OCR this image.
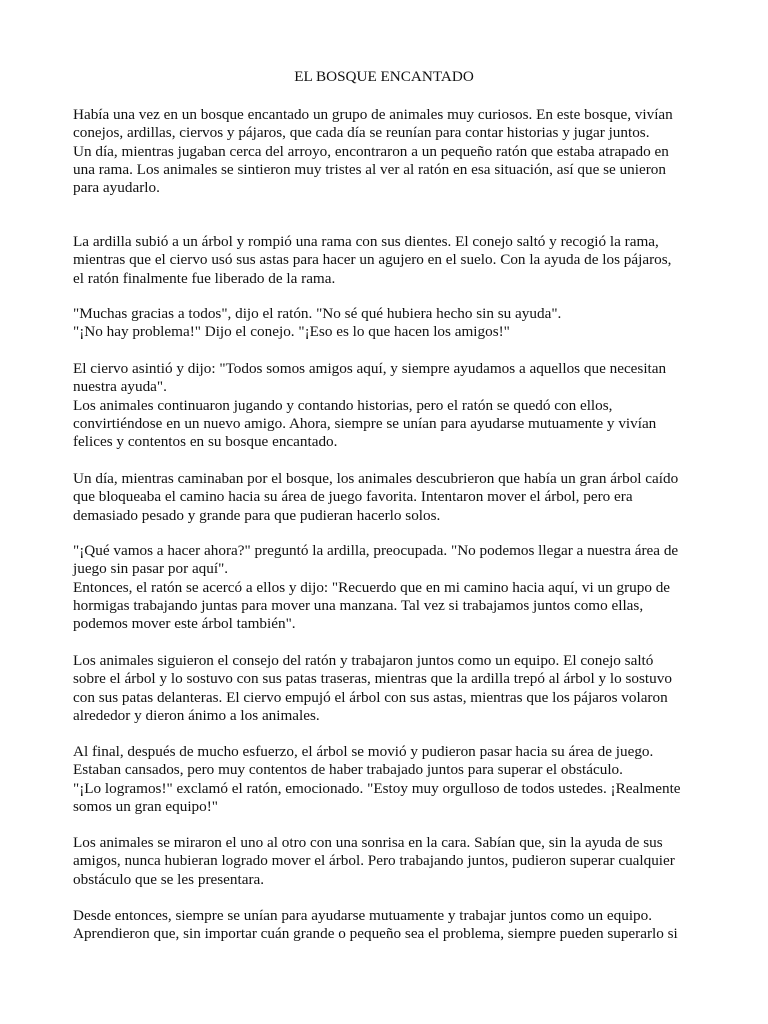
EL BOSQUE ENCANTADO
Había una vez en un bosque encantado un grupo de animales muy curiosos. En este bosque, vivían
conejos, ardillas, ciervos y pájaros, que cada día se reunían para contar historias y jugar juntos.
Un día, mientras jugaban cerca del arroyo, encontraron a un pequeño ratón que estaba atrapado en
una rama. Los animales se sintieron muy tristes al ver al ratón en esa situación, así que se unieron
para ayudarlo.
La ardilla subió a un árbol y rompió una rama con sus dientes. El conejo saltó y recogió la rama,
mientras que el ciervo usó sus astas para hacer un agujero en el suelo. Con la ayuda de los pájaros,
el ratón finalmente fue liberado de la rama.
"Muchas gracias a todos", dijo el ratón. "No sé qué hubiera hecho sin su ayuda".
"¡No hay problema!" Dijo el conejo. "¡Eso es lo que hacen los amigos!"
El ciervo asintió y dijo: "Todos somos amigos aquí, y siempre ayudamos a aquellos que necesitan
nuestra ayuda".
Los animales continuaron jugando y contando historias, pero el ratón se quedó con ellos,
convirtiéndose en un nuevo amigo. Ahora, siempre se unían para ayudarse mutuamente y vivían
felices y contentos en su bosque encantado.
Un día, mientras caminaban por el bosque, los animales descubrieron que había un gran árbol caído
que bloqueaba el camino hacia su área de juego favorita. Intentaron mover el árbol, pero era
demasiado pesado y grande para que pudieran hacerlo solos.
"¡Qué vamos a hacer ahora?" preguntó la ardilla, preocupada. "No podemos llegar a nuestra área de
juego sin pasar por aquí".
Entonces, el ratón se acercó a ellos y dijo: "Recuerdo que en mi camino hacia aquí, vi un grupo de
hormigas trabajando juntas para mover una manzana. Tal vez si trabajamos juntos como ellas,
podemos mover este árbol también".
Los animales siguieron el consejo del ratón y trabajaron juntos como un equipo. El conejo saltó
sobre el árbol y lo sostuvo con sus patas traseras, mientras que la ardilla trepó al árbol y lo sostuvo
con sus patas delanteras. El ciervo empujó el árbol con sus astas, mientras que los pájaros volaron
alrededor y dieron ánimo a los animales.
Al final, después de mucho esfuerzo, el árbol se movió y pudieron pasar hacia su área de juego.
Estaban cansados, pero muy contentos de haber trabajado juntos para superar el obstáculo.
"¡Lo logramos!" exclamó el ratón, emocionado. "Estoy muy orgulloso de todos ustedes. ¡Realmente
somos un gran equipo!"
Los animales se miraron el uno al otro con una sonrisa en la cara. Sabían que, sin la ayuda de sus
amigos, nunca hubieran logrado mover el árbol. Pero trabajando juntos, pudieron superar cualquier
obstáculo que se les presentara.
Desde entonces, siempre se unían para ayudarse mutuamente y trabajar juntos como un equipo.
Aprendieron que, sin importar cuán grande o pequeño sea el problema, siempre pueden superarlo si
